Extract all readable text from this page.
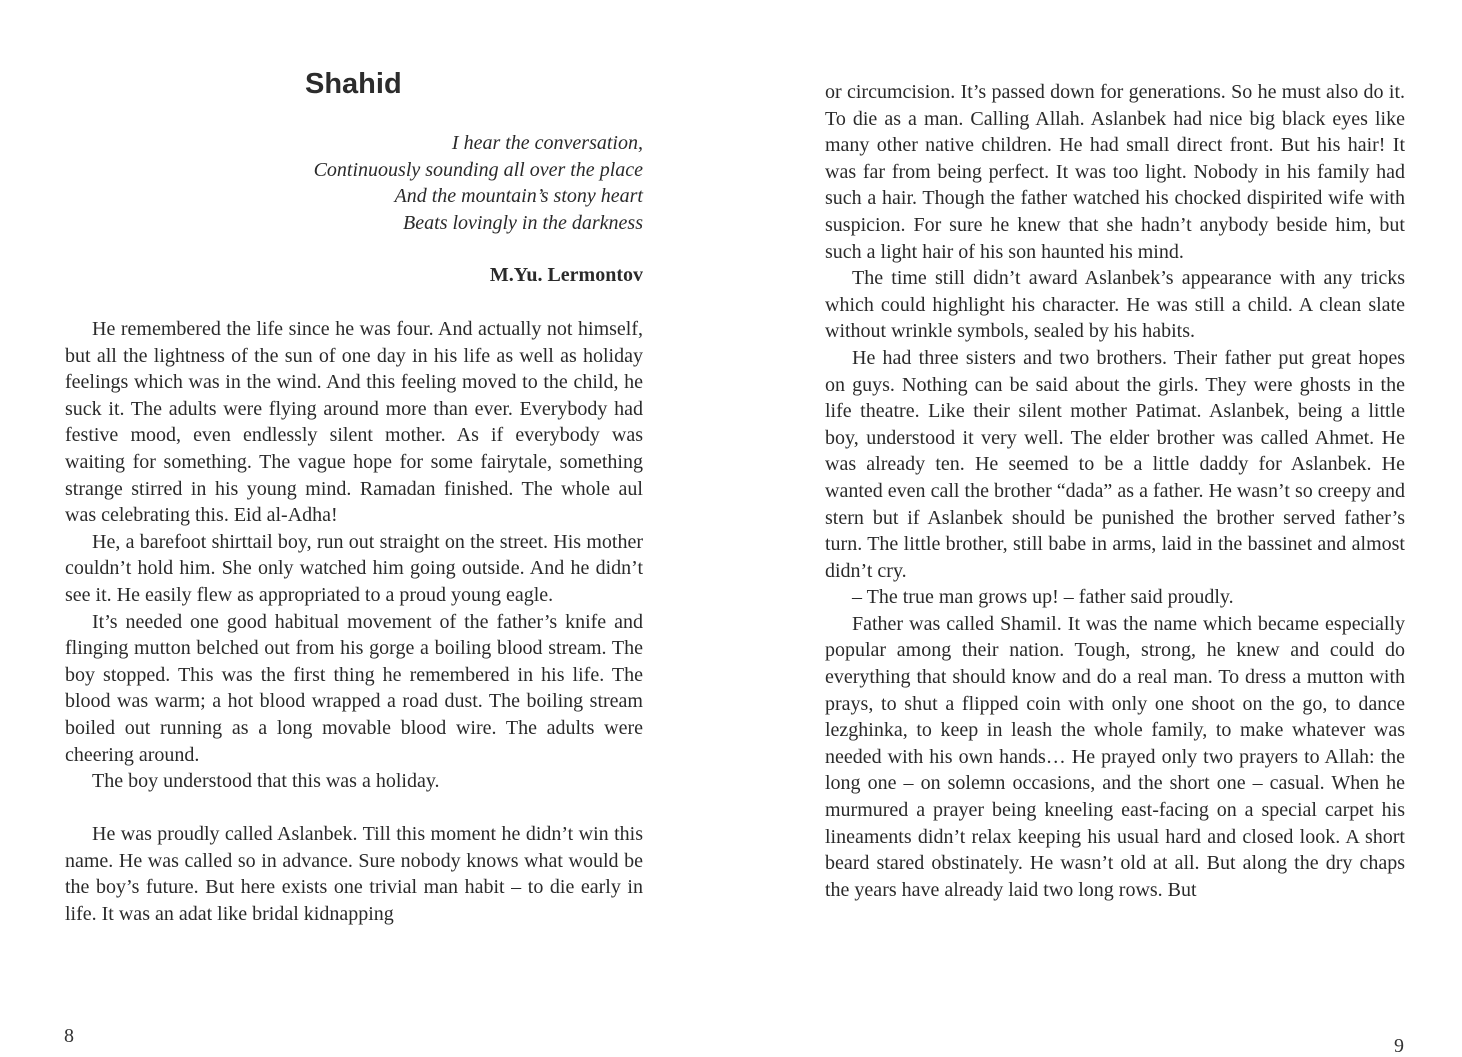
Shahid
I hear the conversation,
Continuously sounding all over the place
And the mountain’s stony heart
Beats lovingly in the darkness
M.Yu. Lermontov

He remembered the life since he was four. And actually not himself, but all the lightness of the sun of one day in his life as well as holiday feelings which was in the wind. And this feeling moved to the child, he suck it. The adults were flying around more than ever. Everybody had festive mood, even endlessly silent mother. As if everybody was waiting for something. The vague hope for some fairytale, something strange stirred in his young mind. Ramadan finished. The whole aul was celebrating this. Eid al-Adha!

He, a barefoot shirttail boy, run out straight on the street. His mother couldn’t hold him. She only watched him going outside. And he didn’t see it. He easily flew as appropriated to a proud young eagle.

It’s needed one good habitual movement of the father’s knife and flinging mutton belched out from his gorge a boiling blood stream. The boy stopped. This was the first thing he remembered in his life. The blood was warm; a hot blood wrapped a road dust. The boiling stream boiled out running as a long movable blood wire. The adults were cheering around.

The boy understood that this was a holiday.

He was proudly called Aslanbek. Till this moment he didn’t win this name. He was called so in advance. Sure nobody knows what would be the boy’s future. But here exists one trivial man habit – to die early in life. It was an adat like bridal kidnapping

8

or circumcision. It’s passed down for generations. So he must also do it. To die as a man. Calling Allah. Aslanbek had nice big black eyes like many other native children. He had small direct front. But his hair! It was far from being perfect. It was too light. Nobody in his family had such a hair. Though the father watched his chocked dispirited wife with suspicion. For sure he knew that she hadn’t anybody beside him, but such a light hair of his son haunted his mind.

The time still didn’t award Aslanbek’s appearance with any tricks which could highlight his character. He was still a child. A clean slate without wrinkle symbols, sealed by his habits.

He had three sisters and two brothers. Their father put great hopes on guys. Nothing can be said about the girls. They were ghosts in the life theatre. Like their silent mother Patimat. Aslanbek, being a little boy, understood it very well. The elder brother was called Ahmet. He was already ten. He seemed to be a little daddy for Aslanbek. He wanted even call the brother “dada” as a father. He wasn’t so creepy and stern but if Aslanbek should be punished the brother served father’s turn. The little brother, still babe in arms, laid in the bassinet and almost didn’t cry.

– The true man grows up! – father said proudly.

Father was called Shamil. It was the name which became especially popular among their nation. Tough, strong, he knew and could do everything that should know and do a real man. To dress a mutton with prays, to shut a flipped coin with only one shoot on the go, to dance lezghinka, to keep in leash the whole family, to make whatever was needed with his own hands… He prayed only two prayers to Allah: the long one – on solemn occasions, and the short one – casual. When he murmured a prayer being kneeling east-facing on a special carpet his lineaments didn’t relax keeping his usual hard and closed look. A short beard stared obstinately. He wasn’t old at all. But along the dry chaps the years have already laid two long rows. But

9
